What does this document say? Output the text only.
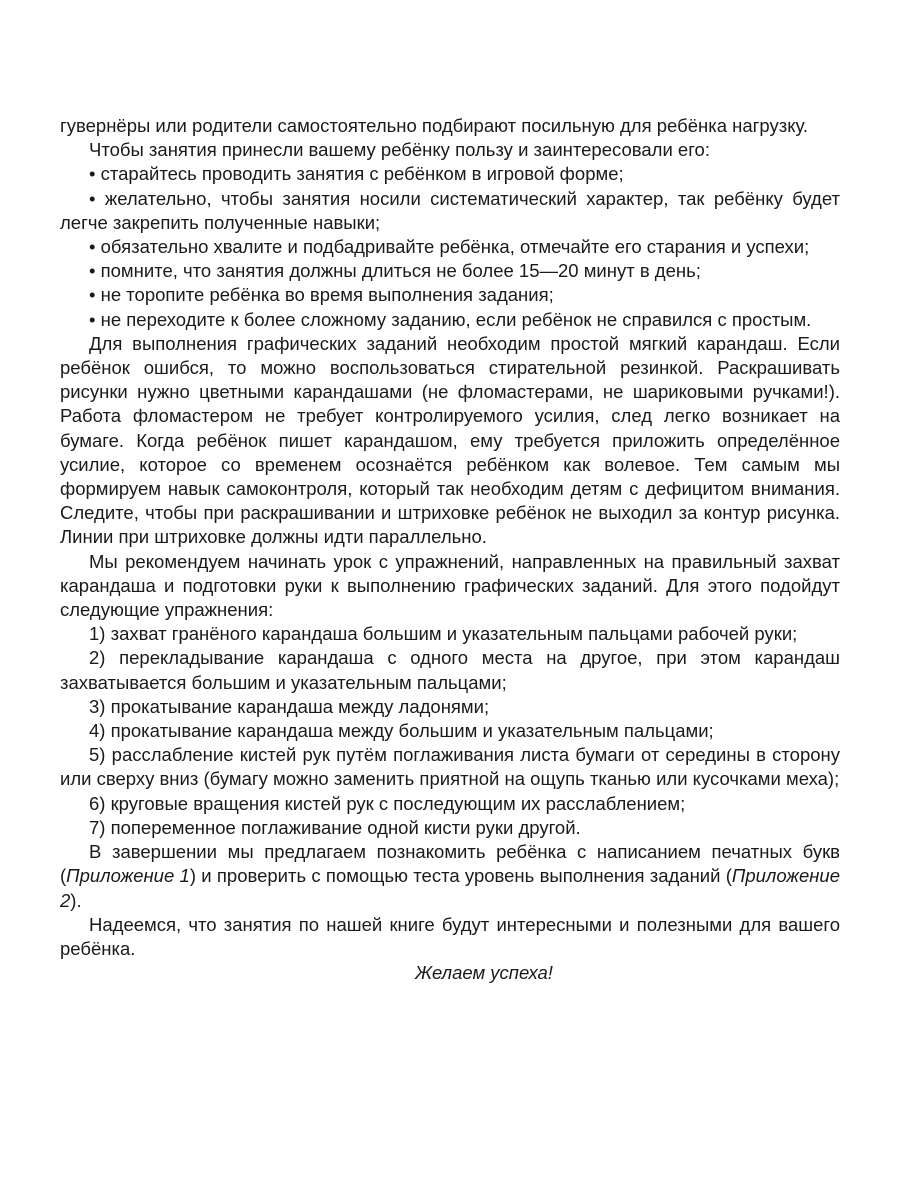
гувернёры или родители самостоятельно подбирают посильную для ребёнка нагрузку.

Чтобы занятия принесли вашему ребёнку пользу и заинтересовали его:

• старайтесь проводить занятия с ребёнком в игровой форме;

• желательно, чтобы занятия носили систематический характер, так ребёнку будет легче закрепить полученные навыки;

• обязательно хвалите и подбадривайте ребёнка, отмечайте его старания и успехи;

• помните, что занятия должны длиться не более 15—20 минут в день;

• не торопите ребёнка во время выполнения задания;

• не переходите к более сложному заданию, если ребёнок не справился с простым.

Для выполнения графических заданий необходим простой мягкий карандаш. Если ребёнок ошибся, то можно воспользоваться стирательной резинкой. Раскрашивать рисунки нужно цветными карандашами (не фломастерами, не шариковыми ручками!). Работа фломастером не требует контролируемого усилия, след легко возникает на бумаге. Когда ребёнок пишет карандашом, ему требуется приложить определённое усилие, которое со временем осознаётся ребёнком как волевое. Тем самым мы формируем навык самоконтроля, который так необходим детям с дефицитом внимания. Следите, чтобы при раскрашивании и штриховке ребёнок не выходил за контур рисунка. Линии при штриховке должны идти параллельно.

Мы рекомендуем начинать урок с упражнений, направленных на правильный захват карандаша и подготовки руки к выполнению графических заданий. Для этого подойдут следующие упражнения:

1) захват гранёного карандаша большим и указательным пальцами рабочей руки;

2) перекладывание карандаша с одного места на другое, при этом карандаш захватывается большим и указательным пальцами;

3) прокатывание карандаша между ладонями;

4) прокатывание карандаша между большим и указательным пальцами;

5) расслабление кистей рук путём поглаживания листа бумаги от середины в сторону или сверху вниз (бумагу можно заменить приятной на ощупь тканью или кусочками меха);

6) круговые вращения кистей рук с последующим их расслаблением;

7) попеременное поглаживание одной кисти руки другой.

В завершении мы предлагаем познакомить ребёнка с написанием печатных букв (Приложение 1) и проверить с помощью теста уровень выполнения заданий (Приложение 2).

Надеемся, что занятия по нашей книге будут интересными и полезными для вашего ребёнка.

Желаем успеха!
